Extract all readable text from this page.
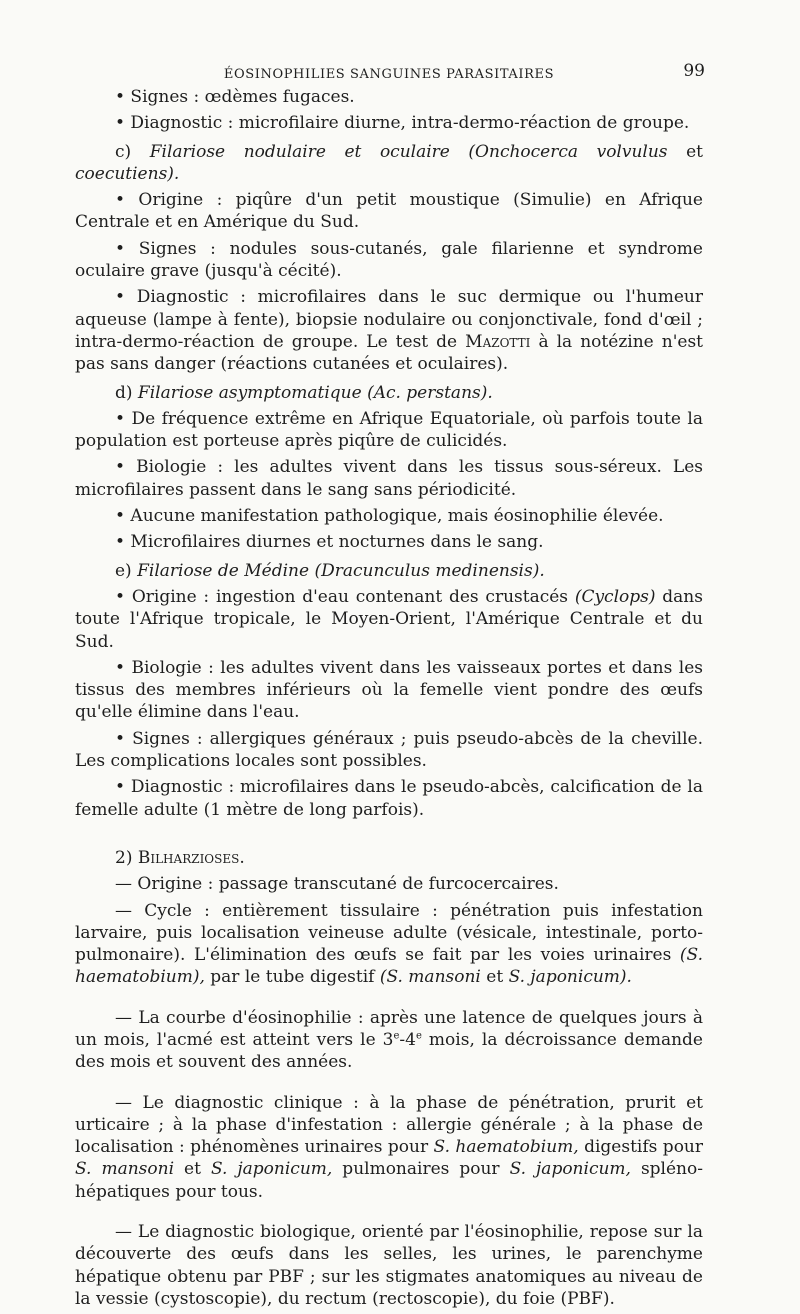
ÉOSINOPHILIES SANGUINES PARASITAIRES	99

• Signes : œdèmes fugaces.

• Diagnostic : microfilaire diurne, intra-dermo-réaction de groupe.

c) Filariose nodulaire et oculaire (Onchocerca volvulus et coecutiens).

• Origine : piqûre d'un petit moustique (Simulie) en Afrique Centrale et en Amérique du Sud.

• Signes : nodules sous-cutanés, gale filarienne et syndrome oculaire grave (jusqu'à cécité).

• Diagnostic : microfilaires dans le suc dermique ou l'humeur aqueuse (lampe à fente), biopsie nodulaire ou conjonctivale, fond d'œil ; intra-dermo-réaction de groupe. Le test de Mazotti à la notézine n'est pas sans danger (réactions cutanées et oculaires).

d) Filariose asymptomatique (Ac. perstans).

• De fréquence extrême en Afrique Equatoriale, où parfois toute la population est porteuse après piqûre de culicidés.

• Biologie : les adultes vivent dans les tissus sous-séreux. Les microfilaires passent dans le sang sans périodicité.

• Aucune manifestation pathologique, mais éosinophilie élevée.

• Microfilaires diurnes et nocturnes dans le sang.

e) Filariose de Médine (Dracunculus medinensis).

• Origine : ingestion d'eau contenant des crustacés (Cyclops) dans toute l'Afrique tropicale, le Moyen-Orient, l'Amérique Centrale et du Sud.

• Biologie : les adultes vivent dans les vaisseaux portes et dans les tissus des membres inférieurs où la femelle vient pondre des œufs qu'elle élimine dans l'eau.

• Signes : allergiques généraux ; puis pseudo-abcès de la cheville. Les complications locales sont possibles.

• Diagnostic : microfilaires dans le pseudo-abcès, calcification de la femelle adulte (1 mètre de long parfois).

2) Bilharzioses.

— Origine : passage transcutané de furcocercaires.

— Cycle : entièrement tissulaire : pénétration puis infestation larvaire, puis localisation veineuse adulte (vésicale, intestinale, porto-pulmonaire). L'élimination des œufs se fait par les voies urinaires (S. haematobium), par le tube digestif (S. mansoni et S. japonicum).

— La courbe d'éosinophilie : après une latence de quelques jours à un mois, l'acmé est atteint vers le 3e-4e mois, la décroissance demande des mois et souvent des années.

— Le diagnostic clinique : à la phase de pénétration, prurit et urticaire ; à la phase d'infestation : allergie générale ; à la phase de localisation : phénomènes urinaires pour S. haematobium, digestifs pour S. mansoni et S. japonicum, pulmonaires pour S. japonicum, spléno-hépatiques pour tous.

— Le diagnostic biologique, orienté par l'éosinophilie, repose sur la découverte des œufs dans les selles, les urines, le parenchyme hépatique obtenu par PBF ; sur les stigmates anatomiques au niveau de la vessie (cystoscopie), du rectum (rectoscopie), du foie (PBF).
